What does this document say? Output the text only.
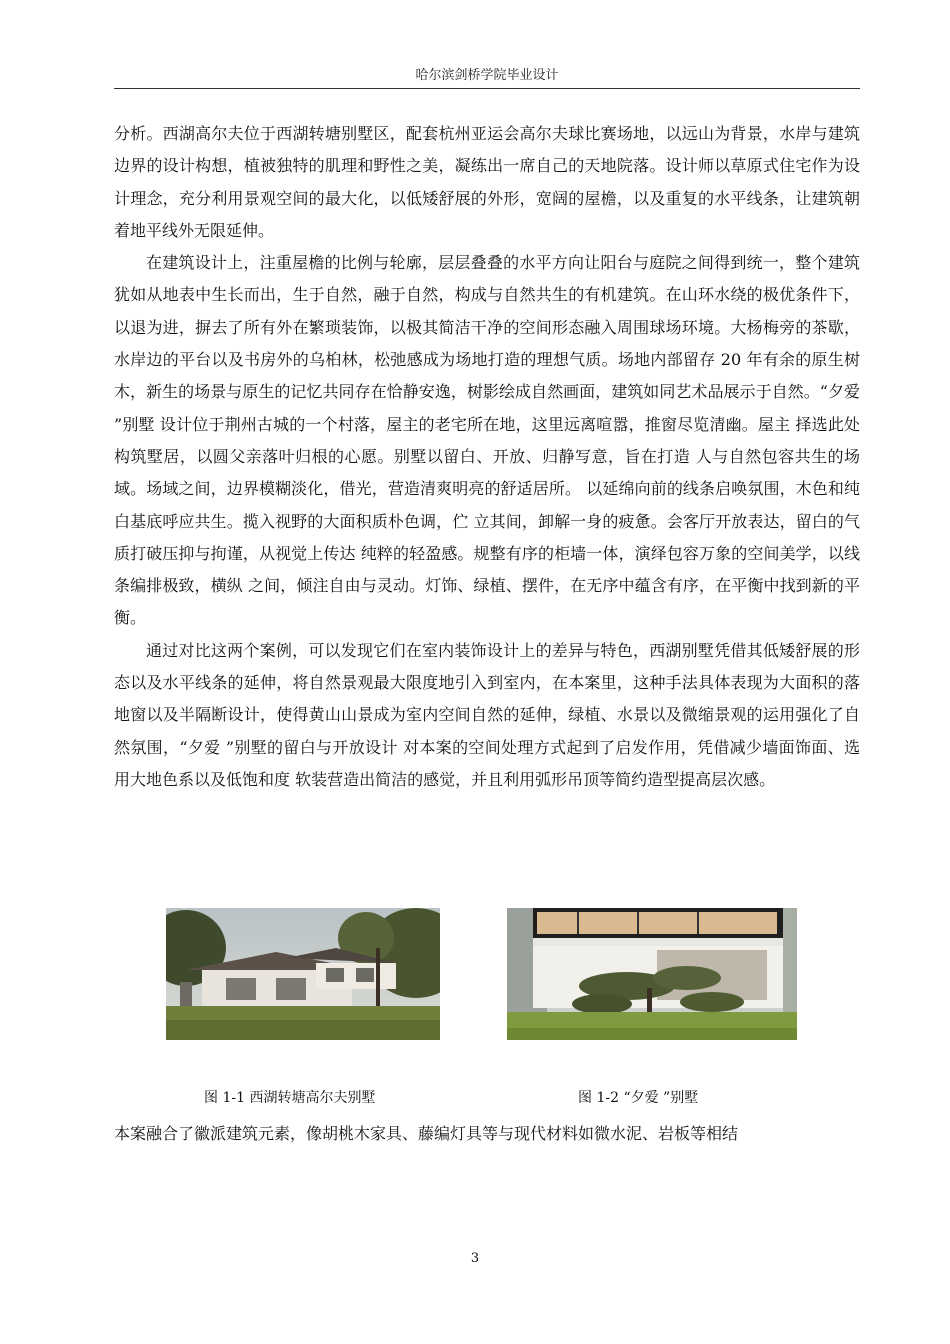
哈尔滨剑桥学院毕业设计

分析。西湖高尔夫位于西湖转塘别墅区，配套杭州亚运会高尔夫球比赛场地，以远山为背景，水岸与建筑边界的设计构想，植被独特的肌理和野性之美，凝练出一席自己的天地院落。设计师以草原式住宅作为设计理念，充分利用景观空间的最大化，以低矮舒展的外形，宽阔的屋檐，以及重复的水平线条，让建筑朝着地平线外无限延伸。

在建筑设计上，注重屋檐的比例与轮廓，层层叠叠的水平方向让阳台与庭院之间得到统一，整个建筑犹如从地表中生长而出，生于自然，融于自然，构成与自然共生的有机建筑。在山环水绕的极优条件下，以退为进，摒去了所有外在繁琐装饰，以极其简洁干净的空间形态融入周围球场环境。大杨梅旁的茶歇，水岸边的平台以及书房外的乌桕林，松弛感成为场地打造的理想气质。场地内部留存 20 年有余的原生树木，新生的场景与原生的记忆共同存在恰静安逸，树影绘成自然画面，建筑如同艺术品展示于自然。“夕爱 ”别墅 设计位于荆州古城的一个村落，屋主的老宅所在地，这里远离喧嚣，推窗尽览清幽。屋主 择选此处构筑墅居，以圆父亲落叶归根的心愿。别墅以留白、开放、归静写意，旨在打造 人与自然包容共生的场域。场域之间，边界模糊淡化，借光，营造清爽明亮的舒适居所。 以延绵向前的线条启唤氛围，木色和纯白基底呼应共生。揽入视野的大面积质朴色调，伫 立其间，卸解一身的疲惫。会客厅开放表达，留白的气质打破压抑与拘谨，从视觉上传达 纯粹的轻盈感。规整有序的柜墙一体，演绎包容万象的空间美学，以线条编排极致，横纵 之间，倾注自由与灵动。灯饰、绿植、摆件，在无序中蕴含有序，在平衡中找到新的平衡。

通过对比这两个案例，可以发现它们在室内装饰设计上的差异与特色，西湖别墅凭借其低矮舒展的形态以及水平线条的延伸，将自然景观最大限度地引入到室内，在本案里，这种手法具体表现为大面积的落地窗以及半隔断设计，使得黄山山景成为室内空间自然的延伸，绿植、水景以及微缩景观的运用强化了自然氛围，“夕爱 ”别墅的留白与开放设计 对本案的空间处理方式起到了启发作用，凭借减少墙面饰面、选用大地色系以及低饱和度 软装营造出简洁的感觉，并且利用弧形吊顶等简约造型提高层次感。

图 1-1 西湖转塘高尔夫别墅	图 1-2 “夕爱 ”别墅
本案融合了徽派建筑元素，像胡桃木家具、藤编灯具等与现代材料如微水泥、岩板等相结
3
